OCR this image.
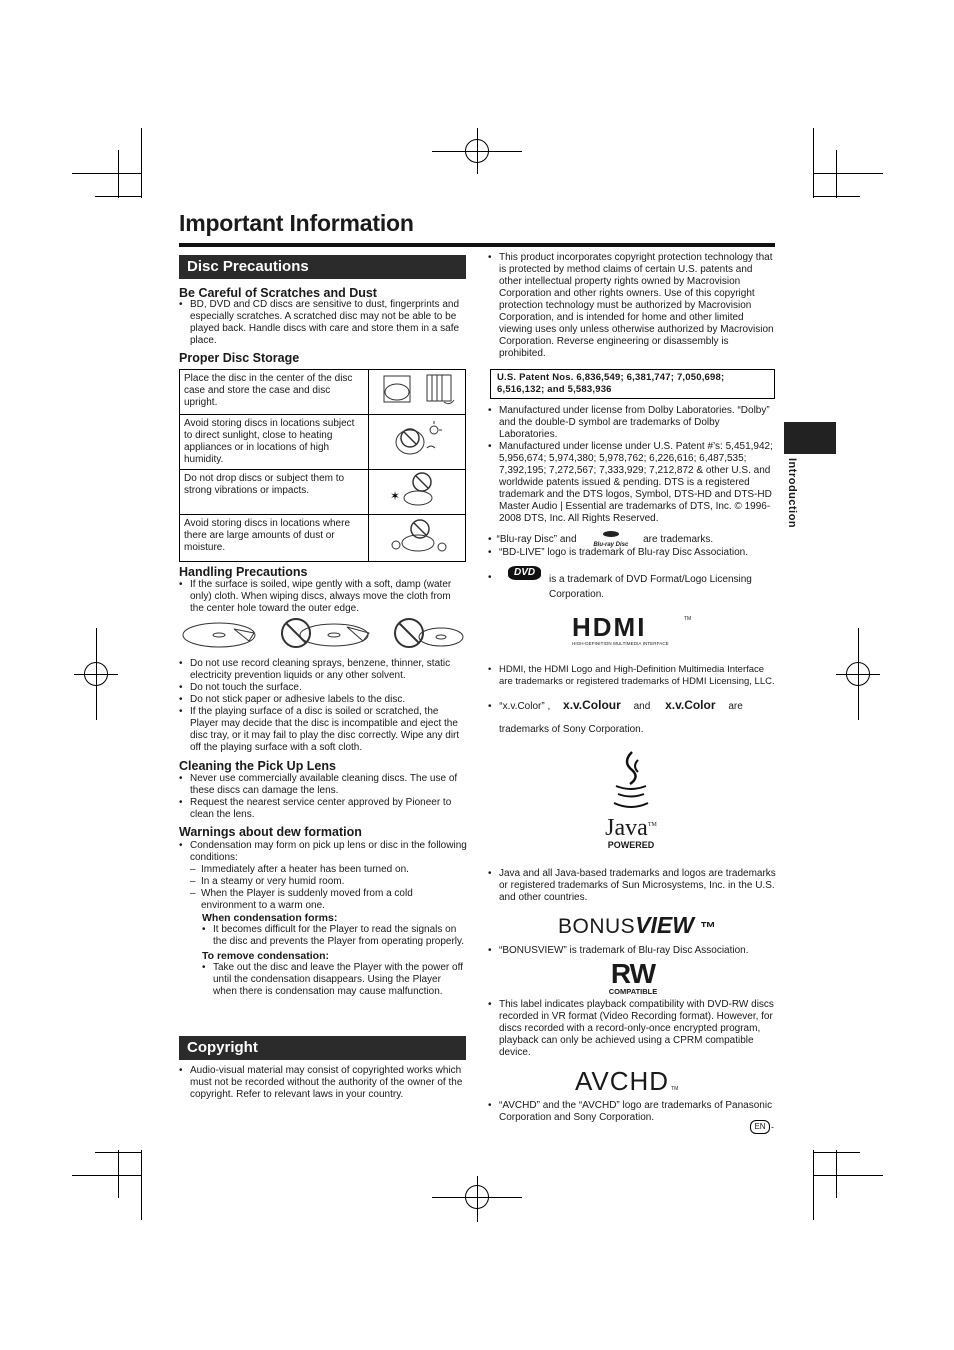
Important Information
Disc Precautions
Be Careful of Scratches and Dust
• BD, DVD and CD discs are sensitive to dust, fingerprints and especially scratches. A scratched disc may not be able to be played back. Handle discs with care and store them in a safe place.
Proper Disc Storage
Place the disc in the center of the disc case and store the case and disc upright.	
Avoid storing discs in locations subject to direct sunlight, close to heating appliances or in locations of high humidity.	
Do not drop discs or subject them to strong vibrations or impacts.	✶

Avoid storing discs in locations where there are large amounts of dust or moisture.	
Handling Precautions
• If the surface is soiled, wipe gently with a soft, damp (water only) cloth. When wiping discs, always move the cloth from the center hole toward the outer edge.
• Do not use record cleaning sprays, benzene, thinner, static electricity prevention liquids or any other solvent.
• Do not touch the surface.
• Do not stick paper or adhesive labels to the disc.
• If the playing surface of a disc is soiled or scratched, the Player may decide that the disc is incompatible and eject the disc tray, or it may fail to play the disc correctly. Wipe any dirt off the playing surface with a soft cloth.
Cleaning the Pick Up Lens
• Never use commercially available cleaning discs. The use of these discs can damage the lens.
• Request the nearest service center approved by Pioneer to clean the lens.
Warnings about dew formation
• Condensation may form on pick up lens or disc in the following conditions:
– Immediately after a heater has been turned on.
– In a steamy or very humid room.
– When the Player is suddenly moved from a cold environment to a warm one.
When condensation forms:
• It becomes difficult for the Player to read the signals on the disc and prevents the Player from operating properly.
To remove condensation:
• Take out the disc and leave the Player with the power off until the condensation disappears. Using the Player when there is condensation may cause malfunction.
Copyright
• Audio-visual material may consist of copyrighted works which must not be recorded without the authority of the owner of the copyright. Refer to relevant laws in your country.
• This product incorporates copyright protection technology that is protected by method claims of certain U.S. patents and other intellectual property rights owned by Macrovision Corporation and other rights owners. Use of this copyright protection technology must be authorized by Macrovision Corporation, and is intended for home and other limited viewing uses only unless otherwise authorized by Macrovision Corporation. Reverse engineering or disassembly is prohibited.
U.S. Patent Nos. 6,836,549; 6,381,747; 7,050,698; 6,516,132; and 5,583,936
• Manufactured under license from Dolby Laboratories. “Dolby” and the double-D symbol are trademarks of Dolby Laboratories.
• Manufactured under license under U.S. Patent #’s: 5,451,942; 5,956,674; 5,974,380; 5,978,762; 6,226,616; 6,487,535; 7,392,195; 7,272,567; 7,333,929; 7,212,872 & other U.S. and worldwide patents issued & pending. DTS is a registered trademark and the DTS logos, Symbol, DTS-HD and DTS-HD Master Audio | Essential are trademarks of DTS, Inc. © 1996-2008 DTS, Inc. All Rights Reserved.
• “Blu-ray Disc” and	Blu-ray Disc are trademarks.
• “BD-LIVE” logo is trademark of Blu-ray Disc Association.
•	DVD
is a trademark of DVD Format/Logo Licensing Corporation.
HDMI	TM
HIGH-DEFINITION MULTIMEDIA INTERFACE
• HDMI, the HDMI Logo and High-Definition Multimedia Interface are trademarks or registered trademarks of HDMI Licensing, LLC.
• “x.v.Color” , x.v.Colour and x.v.Color are
trademarks of Sony Corporation.
Java™
POWERED
• Java and all Java-based trademarks and logos are trademarks or registered trademarks of Sun Microsystems, Inc. in the U.S. and other countries.
BONUSVIEW ™
• “BONUSVIEW” is trademark of Blu-ray Disc Association.
RW
COMPATIBLE
• This label indicates playback compatibility with DVD-RW discs recorded in VR format (Video Recording format). However, for discs recorded with a record-only-once encrypted program, playback can only be achieved using a CPRM compatible device.
AVCHD TM
• “AVCHD” and the “AVCHD” logo are trademarks of Panasonic Corporation and Sony Corporation.
EN -
Introduction
